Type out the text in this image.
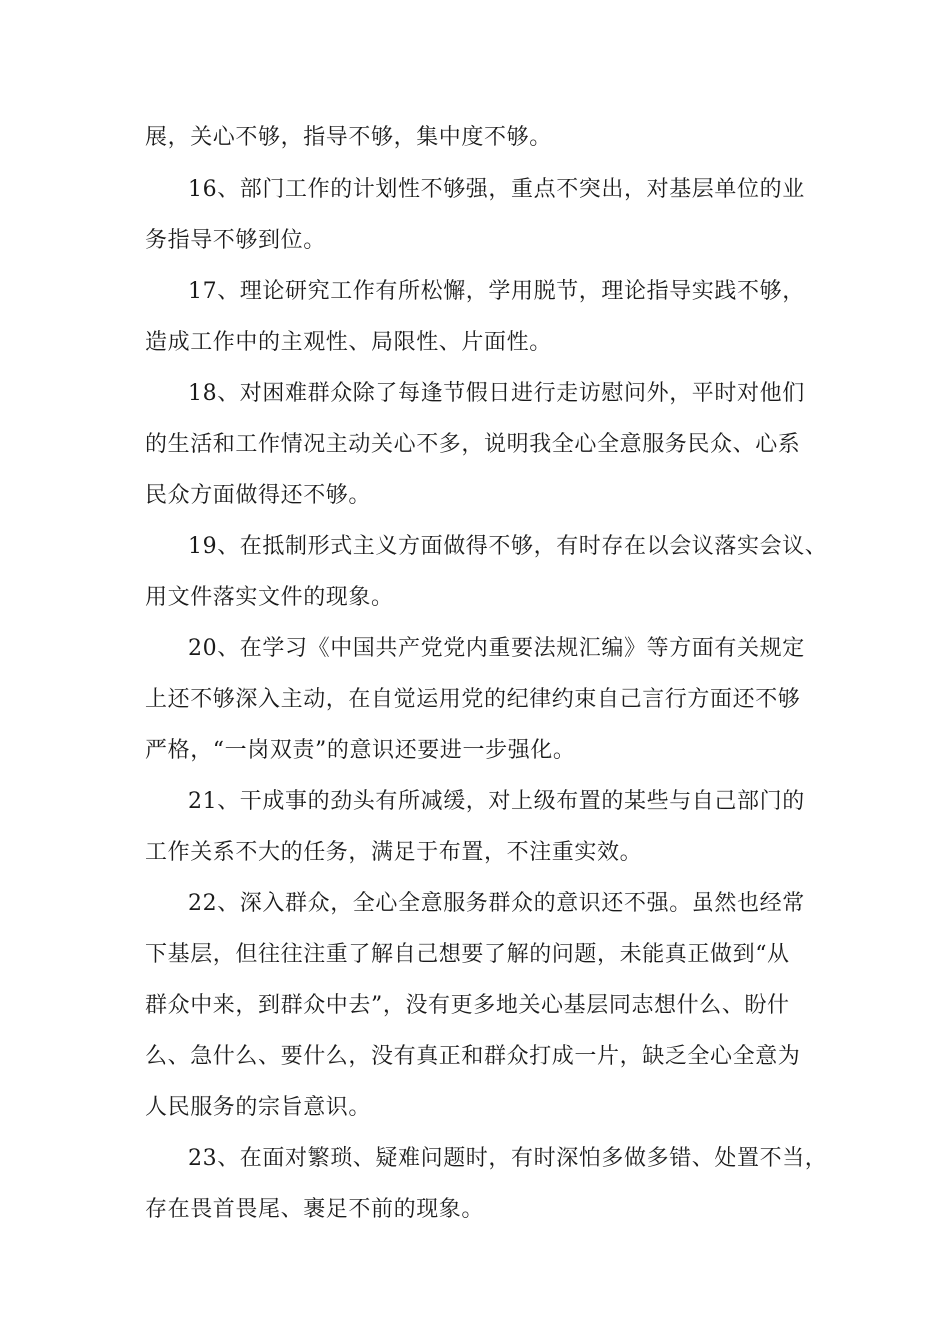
展，关心不够，指导不够，集中度不够。
16、部门工作的计划性不够强，重点不突出，对基层单位的业
务指导不够到位。
17、理论研究工作有所松懈，学用脱节，理论指导实践不够，
造成工作中的主观性、局限性、片面性。
18、对困难群众除了每逢节假日进行走访慰问外，平时对他们
的生活和工作情况主动关心不多，说明我全心全意服务民众、心系
民众方面做得还不够。
19、在抵制形式主义方面做得不够，有时存在以会议落实会议、
用文件落实文件的现象。
20、在学习《中国共产党党内重要法规汇编》等方面有关规定
上还不够深入主动，在自觉运用党的纪律约束自己言行方面还不够
严格，“一岗双责”的意识还要进一步强化。
21、干成事的劲头有所减缓，对上级布置的某些与自己部门的
工作关系不大的任务，满足于布置，不注重实效。
22、深入群众，全心全意服务群众的意识还不强。虽然也经常
下基层，但往往注重了解自己想要了解的问题，未能真正做到“从
群众中来，到群众中去”，没有更多地关心基层同志想什么、盼什
么、急什么、要什么，没有真正和群众打成一片，缺乏全心全意为
人民服务的宗旨意识。
23、在面对繁琐、疑难问题时，有时深怕多做多错、处置不当，
存在畏首畏尾、裹足不前的现象。
